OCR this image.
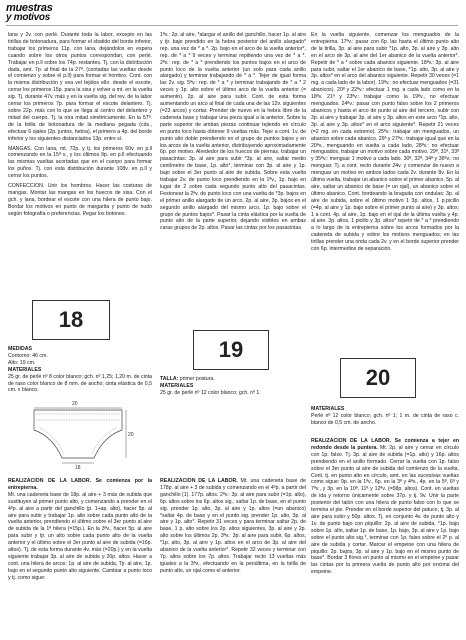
muestras
y motivos

lana y 2v. con perlé. Durante toda la labor, excepto en las tirillas de botonadura, para formar el sbatido del borde inferior, trabajar los primeros 11p. con lana, dejándolos en espera cuando sobre los otros puntos correspondan, con perlé. Trabajar en p.ll sobre los 74p. restantes. Tj. con la distribución dada, amt. 7p. al final de la 27ª. (contadas las vueltas desde el comienzo y sobre el p.ll) para formar el hombro. Cont. con la misma distribución y vea vel tejidos ello. desde el escote, cerrar los primeros 15p. para la sisa y volver a mt. en la vuelta sig. Tj. durante 47v. más y en la vuelta sig. del rev. de la labor cerrar los primeros 7p. para formar el escote delantero. Tj. sobre 22p. más con lo que se llega al centro del delantero y mitad del cuerpo. Tj. la otra mitad simétricamente. En la 57ª. de la tirilla de botonadura de la mediana pegada (cds., efectuar 6 ojales (2p. juntos, hebra), el primero a 4p. del borde inferior y los siguientes distanciados 13p. entre sí.

MANGAS. Con lana, mt. 72p. y tj. los primeros 60v. en p.ll comenzando en la 15ª v., y los últimos 9p. en p.ll efectuando las mismas vueltas acortadas que en el cuerpo para formar los puños. Tj. con esta distribución durante 108v. en p.ll y cerrar los puntos.

CONFECCION. Unir los hombros. Hacer las costuras de mangas. Montar las mangas en los huecos de sisa. Con el gch. y lana, bordear el escote con una hilera de punto bajo. Bordar los motivos en punto de margarita y punto de nudo según fotografía o preferencias. Pegar los botones.

18

MEDIDAS

Contorno: 46 cm.
Alto: 19 cm.

MATERIALES

25 gr. de perlé nº 8 color blanco; gch. nº 1,25; 1,20 m. de cinta de raso color blanco de 8 mm. de ancho; cinta elástica de 0,5 cm. x blanco.

20
20
18

REALIZACION DE LA LABOR. Se comienza por la entrepierna.

Mt. una cadeneta base de 18p. al aire + 3 más de subida que sustituyen al primer punto alto, y comenzando a prender en el 4ºp. al aire a partir del ganchillo (p. 1+ap. alto), hacer 5p. al aire para subir y trabajar 1p. alto sobre cada punto alto de la vuelta anterior, prendiendo el último sobre el 3er punto al aire de subida de la 1ª hilera (=15p.). En la 3ªv., hacer 5p. al aire para subir y tjr. un alto sobre cada punto alto de la vuelta anterior y el último sobre el 3er punto al aire de subida (=16p. altos). Tj. de esta forma durante 4v. más (=20p.) y en la vuelta siguiente trabajar 3p. al aire de subida y 20p. altos. Hacer a cont. una hilera de arcos: 1p. al aire de subida, Tjr. al aire, 1p. bajo en el segundo punto alto siguiente. Cambiar a punto loco y tj. como sigue:

1ªv.: 2p. al aire, *alargar el anillo del ganchillo, hacer 1p. al aire y tjr. bajo prendido en la hebra posterior del anillo alargado* rep. una vez de * a *. 2p. bajo en el arco de la vuelta anterior*, rep. de * a * 9 veces y terminar repitiendo una vez de * a *. 2ªv.: rep. de * a * prendiendo los puntos bajos en el arco de punto loco de la vuelta anterior (un solo para cada anillo alargado) y terminar trabajando de * a *. Tejer de igual forma las 2v. sig. 5ªv.: rep. de * a * y terminar trabajando de * a * 2 veces y 1p. alto sobre el último arco de la vuelta anterior (= aumento). 2p. al aire para subir. Cont. de esta forma aumentando un arco al final de cada una de las 12v. siguientes (=23 arcos) y cortar. Prender de nuevo en la hebra libre de la cadeneta base y trabajar una pieza igual a la anterior. Sobre la parte superior de ambas piezas continuar tejiendo en círculo en punto loco hasta obtener 9 vueltas más. Tejer a cont. 1v. de punto alto doble prendiendo en el grupo de puntos bajos y en los arcos de la vuelta anterior, distribuyendo aproximadamente 6p. por motivo. Alrededor de los huecos de piernas, trabajar un pasacintas: 3p. al aire para subir *3p. al aire, saltar medio centímetro de base, 1p. alto*, terminar con 3p. al aire y 1p. bajo sobre el 3er punto al aire de subida. Sobre esta vuelta trabajar 2v. de punto loco prendiendo en la 1ªv., 1p. bajo en lugar de 2 sobre cada segundo punto alto del pasacintas. Festonear la 2ªv. de punto loco con una vuelta de *3p. bajos en el primer anillo alargado de un arco, 2p. al aire, 3p. bajos en el segundo anillo alargado del mismo arco, 1p. bajo sobre el grupo de puntos bajos*. Pasar la cinta elástica por la vuelta de punto alto de la parte superior, dejando visibles en ambas caras grupos de 2p. altos. Pasar las cintas por los pasacintas.

19

TALLA: primer postura.

MATERIALES

25 gr. de perlé nº 12 color blanco; gch. nº 1.

REALIZACION DE LA LABOR. Mt. una cadeneta base de 178p. al aire + 3 de subida y comenzando en el 4ºp. a partir del ganchillo (1). 177p. altos. 2ªv.: 3p. al aire para subir (=1p. alto), 6p. altos sobre los 6p. altos sig., saltar 1p. de base, en el punto sig. prender 1p. alto, 3p. al aire y 1p. altos (=un abanico) *saltar 4p. de base y en el punto sig. prender 1p. alto, 3p. al aire y 1p. alto*. Repetir 31 veces y para terminar saltar 2p. de base, 1 p. alto sobre los 2p. altos siguientes, 3p. al aire y 2p. alto sobre los últimos 2p. 3ªv.: 3p. al aire para subir, 6p. altos, *1p. alto, 3p. al aire y 1p. altos en el arco de 3p. al aire del abanico de la vuelta anterior*. Repetir 32 veces y terminar con 7p. altos sobre los 7p. altos. Trabajar recto 13 vueltas más iguales a la 3ªv., efectuando en la penúltima, en la tirilla de punto alto, un ojal como el anterior.

En la vuelta siguiente, comenzar los menguados de la entrepierna. 17ªv.: pasar con 6p. las hasta el último punto alto de la tirilla, 3p. al aire para subir *1p. alto, 3p. al aire y 3p. alto en el arco de 3p. al aire del 1er abanico de la vuelta anterior*. Repetir de * a * sobre cada abanico siguiente. 18ªv.: 3p. al aire para subir, saltar el 1er abanico de base, *1p. alto, 3p. al aire y 3p. altos* en el arco del abanico siguiente. Repetir 30 veces (=1 mg. a cada lado de la labor). 19ªv.: no efectuar menguados (=31 abanicos). 20ª y 22ªv.: efectuar 1 mg. a cada lado como en la 18ªv. 21ª y 23ªv.: trabajar como la 19ªv., no efectuar menguados. 24ªv.: pasar con punto falso sobre los 2 primeros abanicos y hasta el arco de punto al aire del tercero, subir con 3p. al aire y trabajar 3p. al aire y 3p. altos en este arco *1p. alto, 3p. al aire y 3p. altos* en el arco siguiente*. Repetir 21 veces (=2 mg. en cada extremo). 25ªv.: trabajar sin menguados, un abanico sobre cada abanico. 26ª y 27ªv.: trabajar igual que en la 20ªv., menguando en vuelta a cada lado. 28ªv.: no efectuar menguados, trabajar un motivo sobre cada motivo. 29ª, 31ª, 33ª y 35ªv.: menguar 1 motivo a cada lado. 30ª, 32ª, 34ª y 36ªv.: no menguar. Tj. a cont. recto durante 24v. y comenzar de nuevo a menguar un motivo en ambos lados cada 2v. durante 8v. En la última vuelta, trabajar un abanico sobre el primer abanico, 5p. al aire, saltar un abanico de base (= un ojal), un abanico sobre el último abanico. Cont. bordeando la braguita con ondulas: 3p. al aire de subida, sobre el último motivo 1 3p. altos, 1 p.picillo (=4p. al aire y 1p. bajo sobre el primer punto al aire) y 3p. altos; 1 a cont. 4p. al aire, 1p. bajo en el ojal de la última vuelta y 4p. al aire. 3p. altos, 1 picillo y 3p. altos* repetir de * a * prendiendo a lo largo de la entrepierna sobre los arcos formados por la cadeneta de subida y sobre los motivos menguados; en las tirillas prender una onda cada 2v. y en el borde superior prender con 6p. intermedios de separación.

20

MATERIALES

Perlé nº 12 color blanco; gch. nº 1; 1 m. de cinta de raso c. blanco de 0,5 cm. de ancho.

REALIZACION DE LA LABOR. Se comienza a tejer en redondo desde la puntera. Mt. 2p. al aire y cerrar en círculo con 1p. falso. Tj. 3p. al aire de subida (=1p. alto) y 16p. altos prendiendo en el anillo formado. Cerrar la vuelta con 1p. falso sobre el 3er punto al aire de subida del comienzo de la vuelta. Cont. tj. en punto alto en círculo, amt. en las sucesivas vueltas como sigue: 9p. en la 1ªv., 6p. en la 3ª y 4ªv., 4p. en la 5ª, 6ª y 7ªv., y 3p. en la 10ª, 11ª y 12ªv. (=58p. altos). Cont. en vueltas de ida y retorno únicamente sobre 37p. y tj. 9v. Unir la parte posterior del talón con una hilera de punto falso con lo que se termina el pie. Prender en el borde superior del patuco, tj. 3p. al aire para subir y 50p. altos. Tj. en conjunto 4v. de punto alto y 1v. de punto bajo con piquillo: 2p. al aire de subida, *1p. bajo sobre 1p. alto, saltar 1p. de base, 1p. bajo, 3p. al aire y 1p. bajo sobre el punto alto sig.*, terminar con 1p. falso sobre el 2º p. al aire de subida y cortar. Marcar el empeine con una hilera de piquillo: 2p. bajos, 3p. al aire y 1p. bajo en el mismo punto de base*. Bordar 3 flores en punto al mismo en el empeine y pasar las cintas por la primera vuelta de punto alto por encima del empeine.
